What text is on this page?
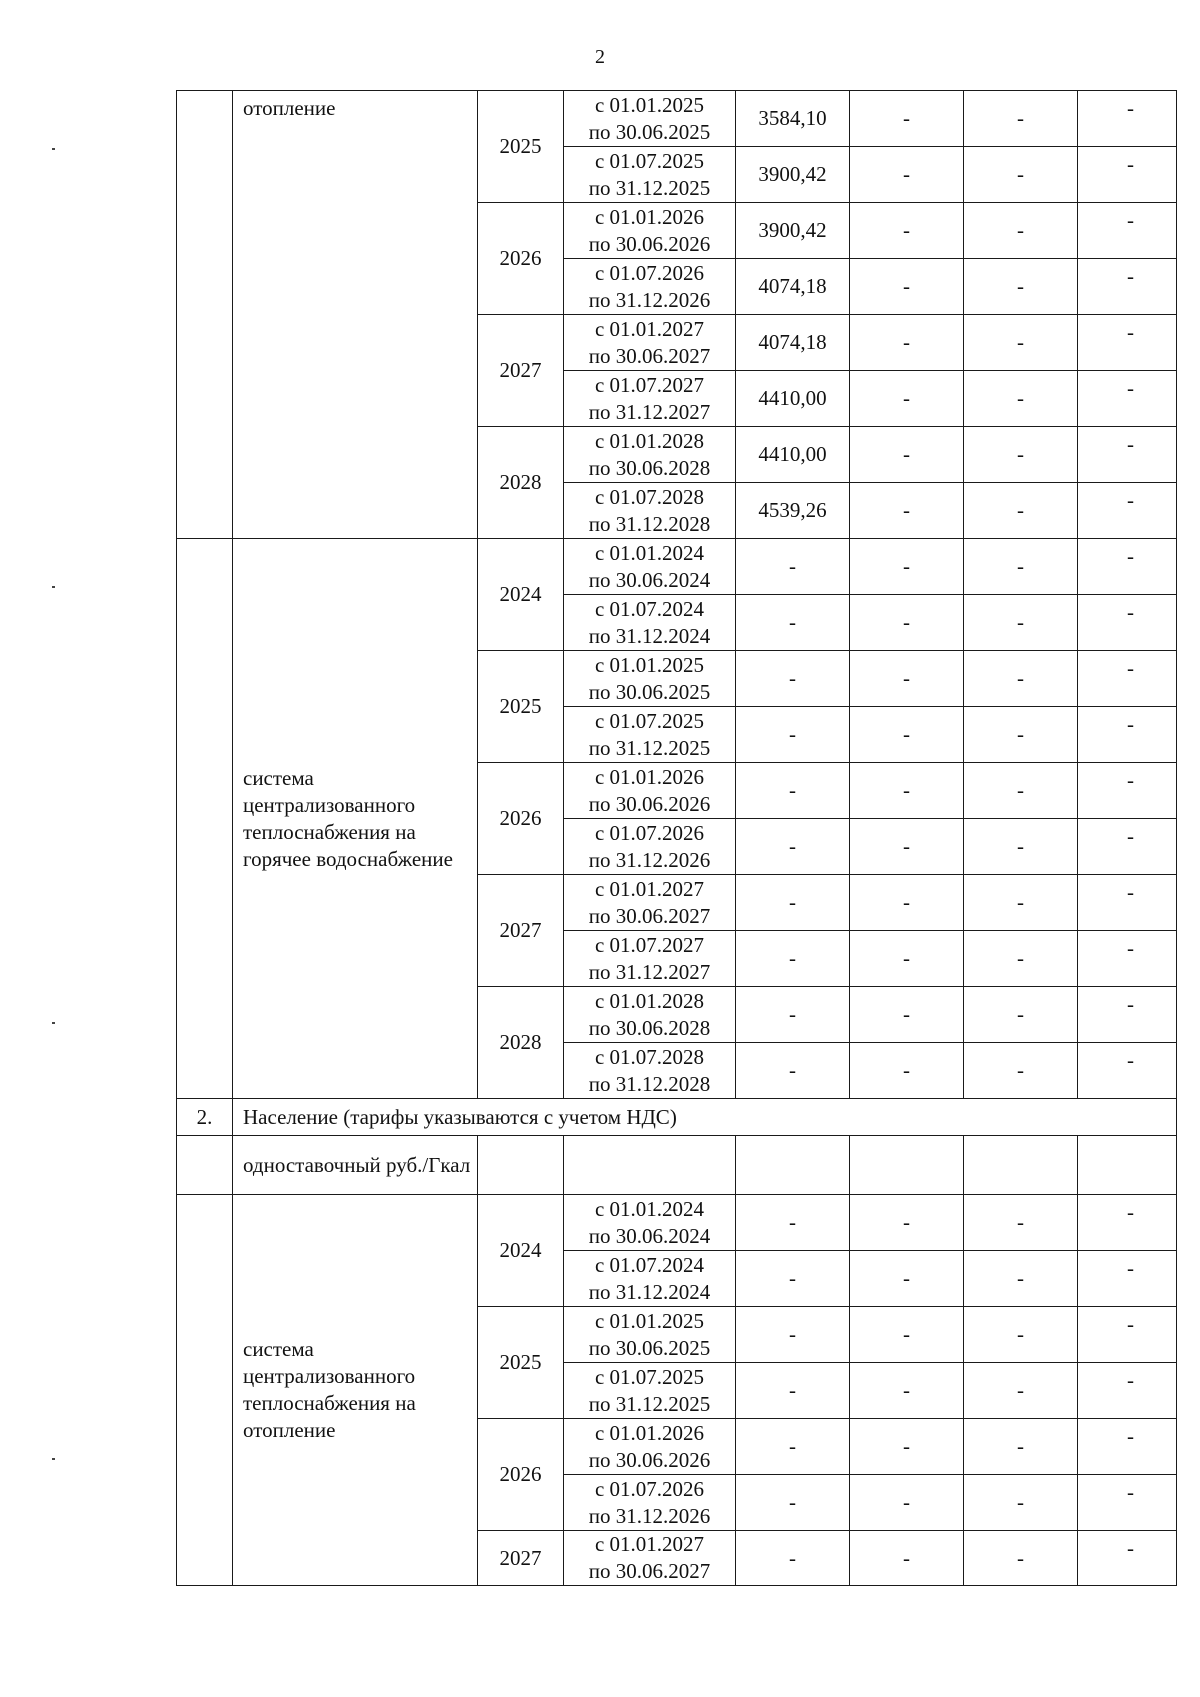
2
	отопление	2025	с 01.01.2025
по 30.06.2025	3584,10	-	-	-
			с 01.07.2025
по 31.12.2025	3900,42	-	-	-
		2026	с 01.01.2026
по 30.06.2026	3900,42	-	-	-
			с 01.07.2026
по 31.12.2026	4074,18	-	-	-
		2027	с 01.01.2027
по 30.06.2027	4074,18	-	-	-
			с 01.07.2027
по 31.12.2027	4410,00	-	-	-
		2028	с 01.01.2028
по 30.06.2028	4410,00	-	-	-
			с 01.07.2028
по 31.12.2028	4539,26	-	-	-
	система централизованного теплоснабжения на горячее водоснабжение	2024	с 01.01.2024
по 30.06.2024	-	-	-	-
			с 01.07.2024
по 31.12.2024	-	-	-	-
		2025	с 01.01.2025
по 30.06.2025	-	-	-	-
			с 01.07.2025
по 31.12.2025	-	-	-	-
		2026	с 01.01.2026
по 30.06.2026	-	-	-	-
			с 01.07.2026
по 31.12.2026	-	-	-	-
		2027	с 01.01.2027
по 30.06.2027	-	-	-	-
			с 01.07.2027
по 31.12.2027	-	-	-	-
		2028	с 01.01.2028
по 30.06.2028	-	-	-	-
			с 01.07.2028
по 31.12.2028	-	-	-	-
2.	Население (тарифы указываются с учетом НДС)						
	одноставочный руб./Гкал						
	система централизованного теплоснабжения на отопление	2024	с 01.01.2024
по 30.06.2024	-	-	-	-
			с 01.07.2024
по 31.12.2024	-	-	-	-
		2025	с 01.01.2025
по 30.06.2025	-	-	-	-
			с 01.07.2025
по 31.12.2025	-	-	-	-
		2026	с 01.01.2026
по 30.06.2026	-	-	-	-
			с 01.07.2026
по 31.12.2026	-	-	-	-
		2027	с 01.01.2027
по 30.06.2027	-	-	-	-
